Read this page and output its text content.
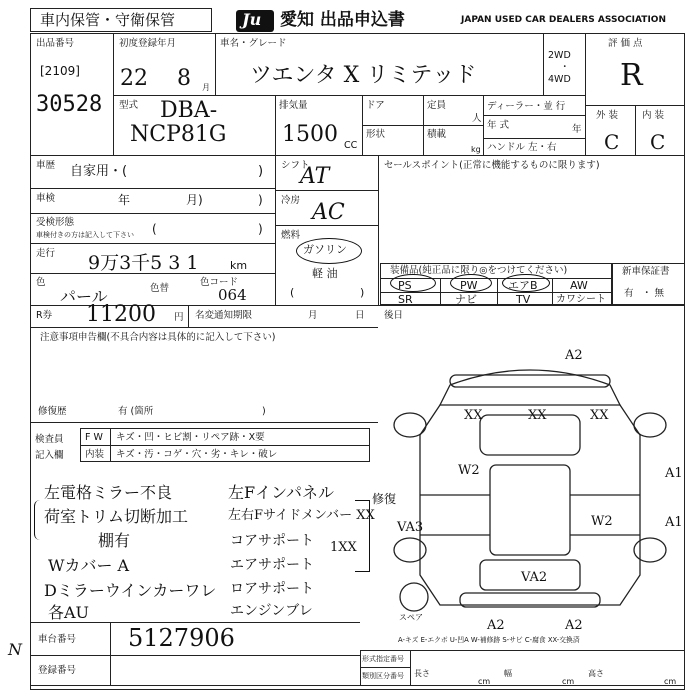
車内保管・守衛保管	Ju 愛知 出品申込書	JAPAN USED CAR DEALERS ASSOCIATION
出品番号
[2109]
30528
初度登録年月
22 8 月
車名・グレード
ツエンタ X リミテッド
2WD
・
4WD
評 価 点
R
外 装	内 装
C C
型式 DBA-
NCP81G
排気量
1500 CC
ドア
形状
定員
人
積載
kg
ディーラー・並 行
年 式	年
ハンドル 左・右
車歴 自家用・(	)
車検	年	月)	)
受検形態
車検付きの方は記入して下さい (	)
走行 9万3千5 3 1	km
色
パール	色替
色コード
064
シフト
AT
冷房 AC
燃料
ガソリン
軽 油
(	)
セールスポイント(正常に機能するものに限ります)
装備品(純正品に限り◎をつけてください)
PS	PW	エアB	AW
SR	ナビ	TV	カワシート
新車保証書
有 ・ 無
R券 11200 円 名変通知期限	月	日 後日
注意事項申告欄(不具合内容は具体的に記入して下さい)
修復歴	有 (箇所	)
検査員
記入欄
F W キズ・凹・ヒビ割・リペア跡・X要
内装 キズ・汚・コゲ・穴・劣・キレ・破レ
左電格ミラー不良
荷室トリム切断加工
棚有
Wカバー A
Dミラーウインカーワレ
各AU
左Fインパネル
左右Fサイドメンバー XX
修復
コアサポート
エアサポート
ロアサポート
エンジンブレ
1XX
A2
XX	XX	XX
W2	A1
W2	A1
VA3
VA2
A2	A2
スペア
A-キズ E-エクボ U-凹A W-補修跡 S-サビ C-腐食 XX-交換済
車台番号 5127906
登録番号
形式指定番号
類別区分番号 長さ
cm
幅
cm
高さ
cm
N
